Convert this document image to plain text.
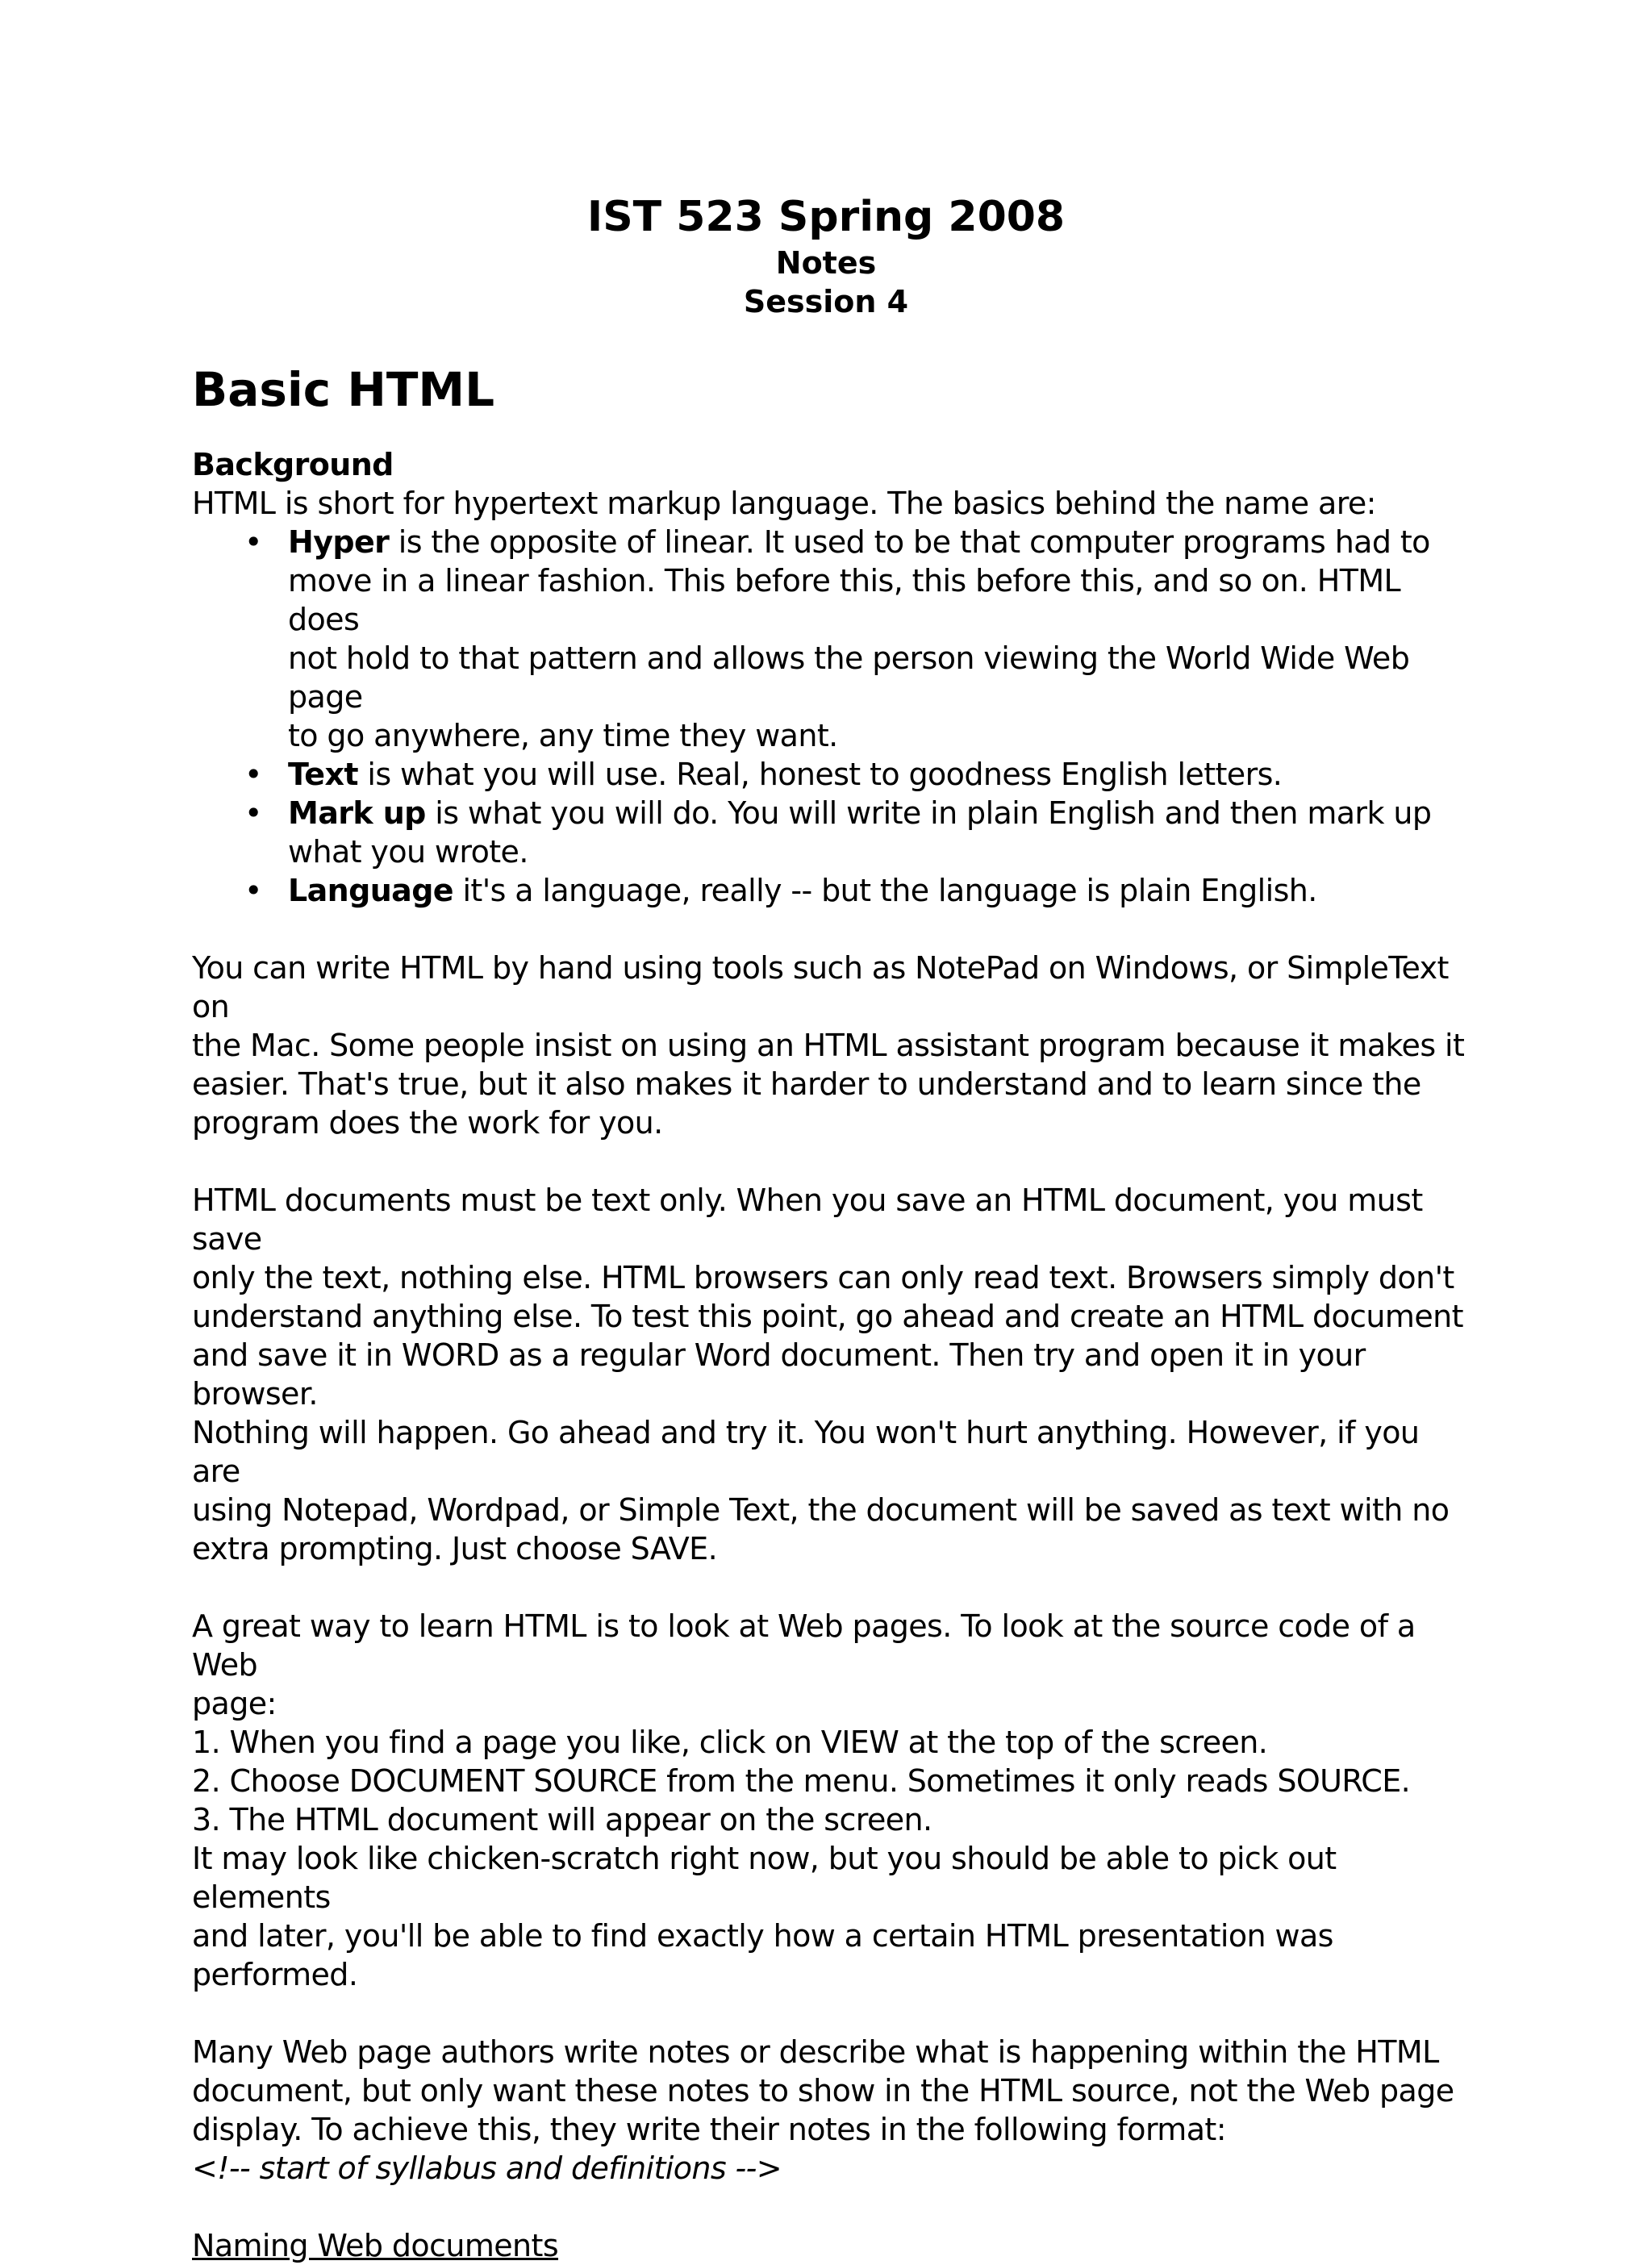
IST 523 Spring 2008
Notes
Session 4
Basic HTML
Background
HTML is short for hypertext markup language. The basics behind the name are:
• Hyper is the opposite of linear. It used to be that computer programs had to
move in a linear fashion. This before this, this before this, and so on. HTML does
not hold to that pattern and allows the person viewing the World Wide Web page
to go anywhere, any time they want.
• Text is what you will use. Real, honest to goodness English letters.
• Mark up is what you will do. You will write in plain English and then mark up
what you wrote.
• Language it's a language, really -- but the language is plain English.
You can write HTML by hand using tools such as NotePad on Windows, or SimpleText on
the Mac. Some people insist on using an HTML assistant program because it makes it
easier. That's true, but it also makes it harder to understand and to learn since the
program does the work for you.
HTML documents must be text only. When you save an HTML document, you must save
only the text, nothing else. HTML browsers can only read text. Browsers simply don't
understand anything else. To test this point, go ahead and create an HTML document
and save it in WORD as a regular Word document. Then try and open it in your browser.
Nothing will happen. Go ahead and try it. You won't hurt anything. However, if you are
using Notepad, Wordpad, or Simple Text, the document will be saved as text with no
extra prompting. Just choose SAVE.
A great way to learn HTML is to look at Web pages. To look at the source code of a Web
page:
1. When you find a page you like, click on VIEW at the top of the screen.
2. Choose DOCUMENT SOURCE from the menu. Sometimes it only reads SOURCE.
3. The HTML document will appear on the screen.
It may look like chicken-scratch right now, but you should be able to pick out elements
and later, you'll be able to find exactly how a certain HTML presentation was performed.
Many Web page authors write notes or describe what is happening within the HTML
document, but only want these notes to show in the HTML source, not the Web page
display. To achieve this, they write their notes in the following format:
<!-- start of syllabus and definitions -->
Naming Web documents
